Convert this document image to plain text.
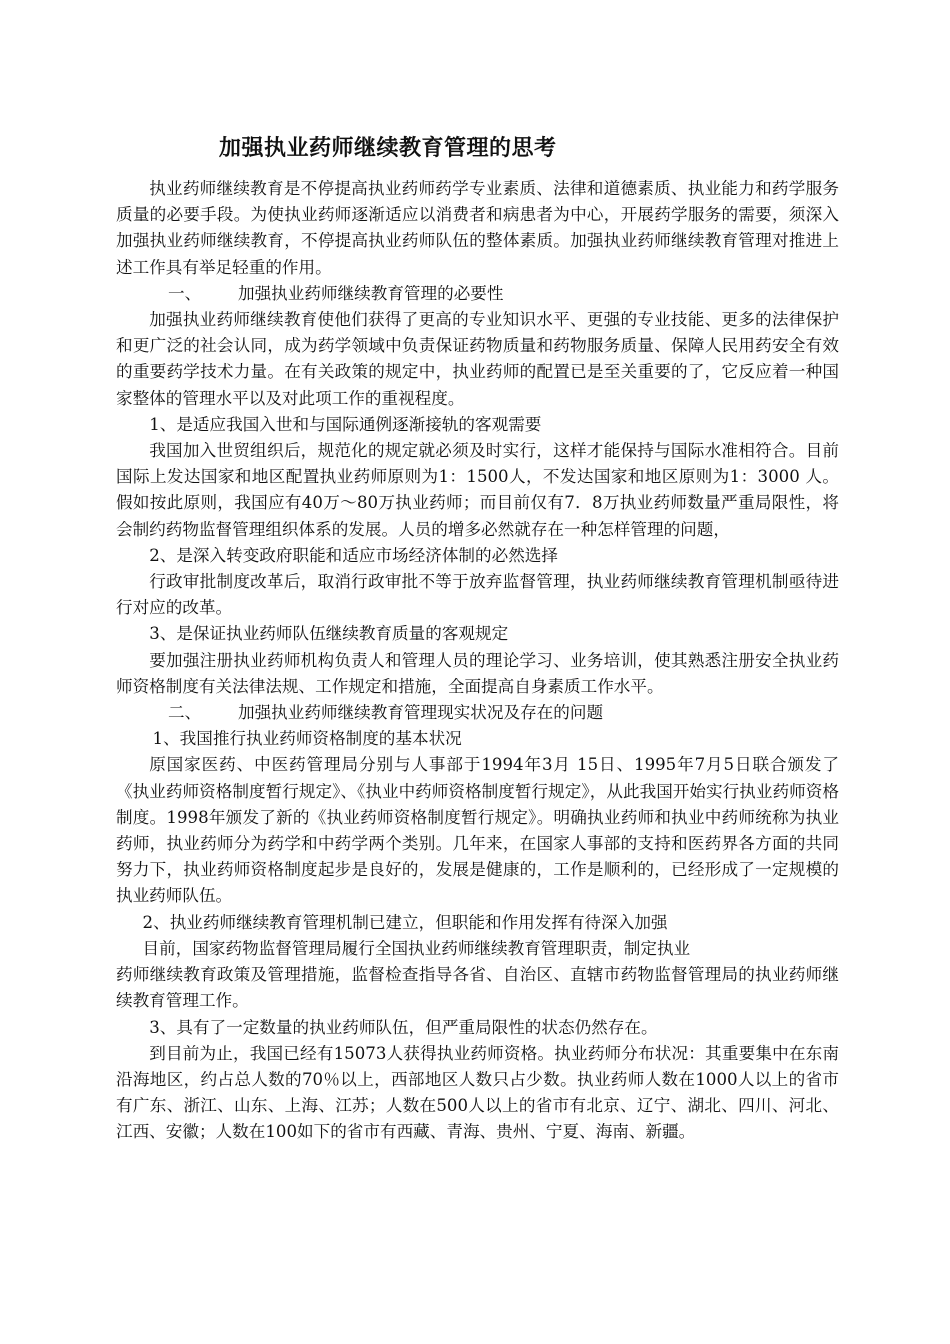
加强执业药师继续教育管理的思考

执业药师继续教育是不停提高执业药师药学专业素质、法律和道德素质、执业能力和药学服务质量的必要手段。为使执业药师逐渐适应以消费者和病患者为中心，开展药学服务的需要，须深入加强执业药师继续教育，不停提高执业药师队伍的整体素质。加强执业药师继续教育管理对推进上述工作具有举足轻重的作用。

一、 加强执业药师继续教育管理的必要性

加强执业药师继续教育使他们获得了更高的专业知识水平、更强的专业技能、更多的法律保护和更广泛的社会认同，成为药学领域中负责保证药物质量和药物服务质量、保障人民用药安全有效的重要药学技术力量。在有关政策的规定中，执业药师的配置已是至关重要的了，它反应着一种国家整体的管理水平以及对此项工作的重视程度。

1、是适应我国入世和与国际通例逐渐接轨的客观需要

我国加入世贸组织后，规范化的规定就必须及时实行，这样才能保持与国际水准相符合。目前国际上发达国家和地区配置执业药师原则为1：1500人，不发达国家和地区原则为1：3000 人。假如按此原则，我国应有40万～80万执业药师；而目前仅有7．8万执业药师数量严重局限性，将会制约药物监督管理组织体系的发展。人员的增多必然就存在一种怎样管理的问题，

2、是深入转变政府职能和适应市场经济体制的必然选择

行政审批制度改革后，取消行政审批不等于放弃监督管理，执业药师继续教育管理机制亟待进行对应的改革。

3、是保证执业药师队伍继续教育质量的客观规定

要加强注册执业药师机构负责人和管理人员的理论学习、业务培训，使其熟悉注册安全执业药师资格制度有关法律法规、工作规定和措施，全面提高自身素质工作水平。

二、 加强执业药师继续教育管理现实状况及存在的问题

1、我国推行执业药师资格制度的基本状况

原国家医药、中医药管理局分别与人事部于1994年3月 15日、1995年7月5日联合颁发了《执业药师资格制度暂行规定》、《执业中药师资格制度暂行规定》，从此我国开始实行执业药师资格制度。1998年颁发了新的《执业药师资格制度暂行规定》。明确执业药师和执业中药师统称为执业药师，执业药师分为药学和中药学两个类别。几年来，在国家人事部的支持和医药界各方面的共同努力下，执业药师资格制度起步是良好的，发展是健康的，工作是顺利的，已经形成了一定规模的执业药师队伍。

2、执业药师继续教育管理机制已建立，但职能和作用发挥有待深入加强

目前，国家药物监督管理局履行全国执业药师继续教育管理职责，制定执业

药师继续教育政策及管理措施，监督检查指导各省、自治区、直辖市药物监督管理局的执业药师继续教育管理工作。

3、具有了一定数量的执业药师队伍，但严重局限性的状态仍然存在。

到目前为止，我国已经有15073人获得执业药师资格。执业药师分布状况：其重要集中在东南沿海地区，约占总人数的70％以上，西部地区人数只占少数。执业药师人数在1000人以上的省市有广东、浙江、山东、上海、江苏；人数在500人以上的省市有北京、辽宁、湖北、四川、河北、江西、安徽；人数在100如下的省市有西藏、青海、贵州、宁夏、海南、新疆。
